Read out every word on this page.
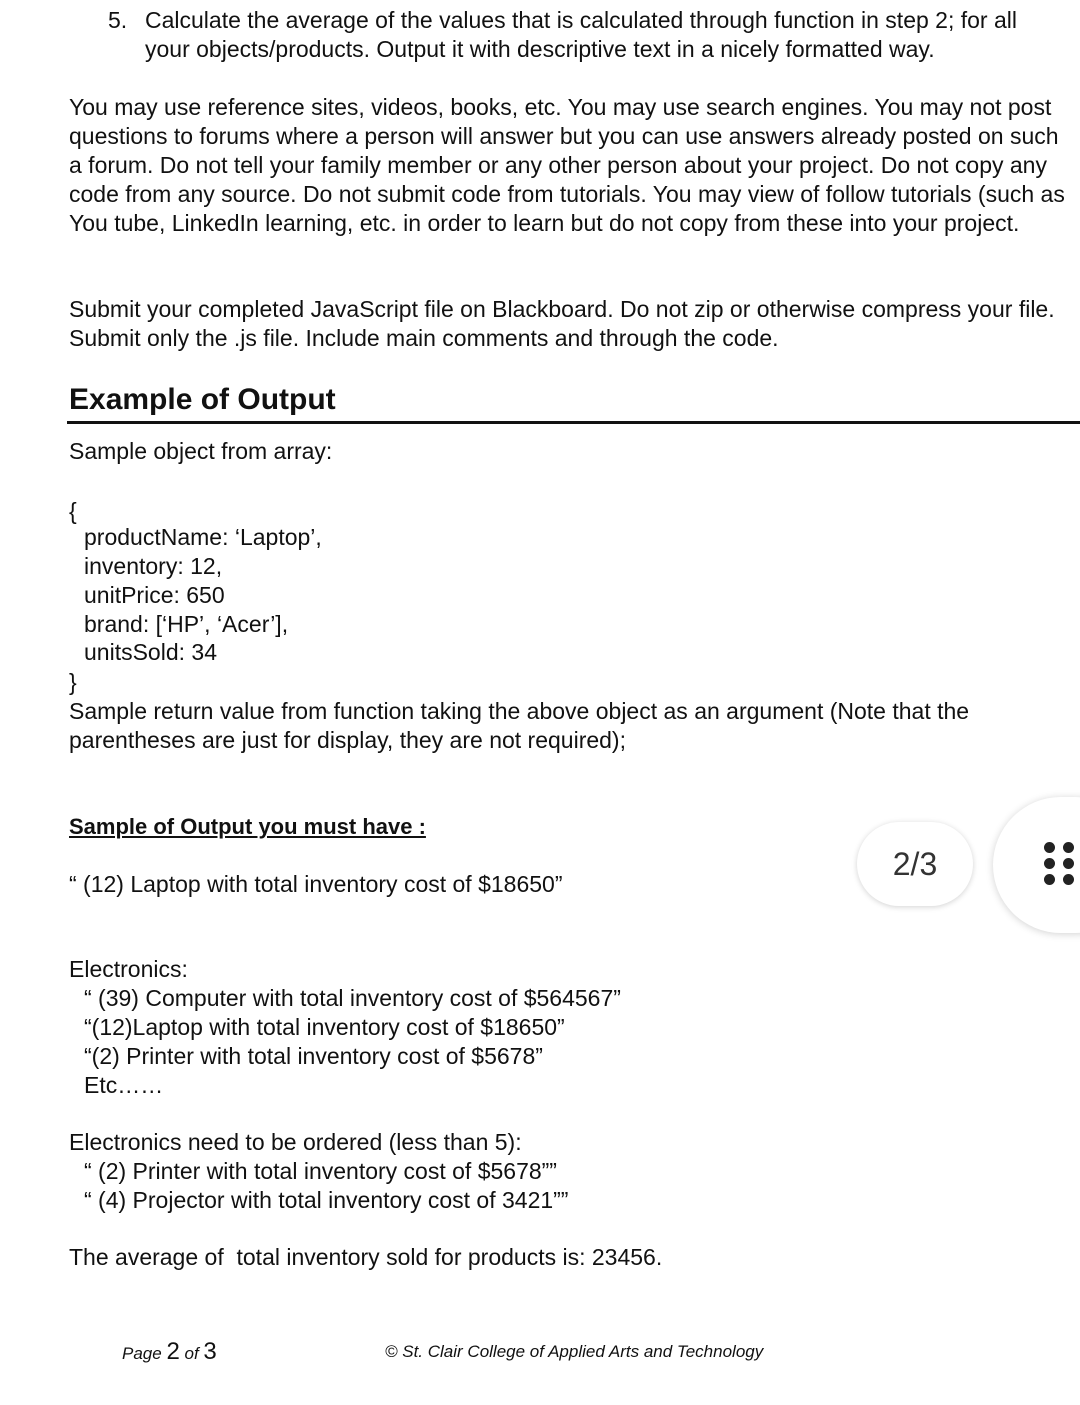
5. Calculate the average of the values that is calculated through function in step 2; for all your objects/products. Output it with descriptive text in a nicely formatted way.
You may use reference sites, videos, books, etc. You may use search engines. You may not post questions to forums where a person will answer but you can use answers already posted on such a forum. Do not tell your family member or any other person about your project. Do not copy any code from any source. Do not submit code from tutorials. You may view of follow tutorials (such as You tube, LinkedIn learning, etc. in order to learn but do not copy from these into your project.
Submit your completed JavaScript file on Blackboard. Do not zip or otherwise compress your file. Submit only the .js file. Include main comments and through the code.
Example of Output
Sample object from array:
{
productName: ‘Laptop’,
inventory: 12,
unitPrice: 650
brand: [‘HP’, ‘Acer’],
unitsSold: 34
}
Sample return value from function taking the above object as an argument (Note that the
parentheses are just for display, they are not required);
Sample of Output you must have :
“ (12) Laptop with total inventory cost of $18650”
Electronics:
“ (39) Computer with total inventory cost of $564567”
“(12)Laptop with total inventory cost of $18650”
“(2) Printer with total inventory cost of $5678”
Etc……
Electronics need to be ordered (less than 5):
“ (2) Printer with total inventory cost of $5678””
“ (4) Projector with total inventory cost of 3421””
The average of  total inventory sold for products is: 23456.
Page 2 of 3	© St. Clair College of Applied Arts and Technology
2/3
